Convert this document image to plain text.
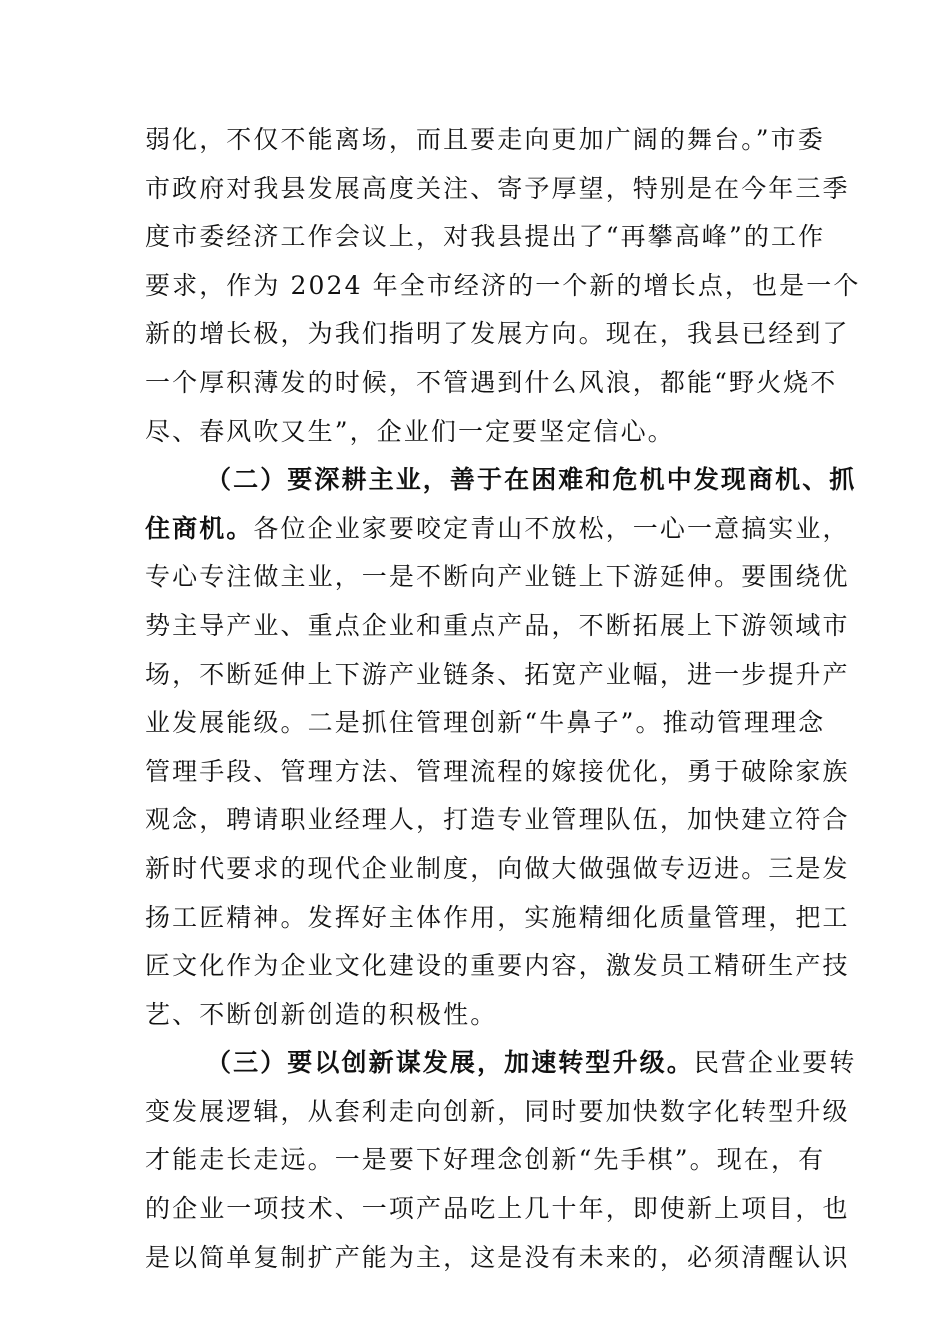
弱化，不仅不能离场，而且要走向更加广阔的舞台。”市委
市政府对我县发展高度关注、寄予厚望，特别是在今年三季
度市委经济工作会议上，对我县提出了“再攀高峰”的工作
要求，作为 2024 年全市经济的一个新的增长点，也是一个
新的增长极，为我们指明了发展方向。现在，我县已经到了
一个厚积薄发的时候，不管遇到什么风浪，都能“野火烧不
尽、春风吹又生”，企业们一定要坚定信心。
（二）要深耕主业，善于在困难和危机中发现商机、抓
住商机。各位企业家要咬定青山不放松，一心一意搞实业，
专心专注做主业，一是不断向产业链上下游延伸。要围绕优
势主导产业、重点企业和重点产品，不断拓展上下游领域市
场，不断延伸上下游产业链条、拓宽产业幅，进一步提升产
业发展能级。二是抓住管理创新“牛鼻子”。推动管理理念
管理手段、管理方法、管理流程的嫁接优化，勇于破除家族
观念，聘请职业经理人，打造专业管理队伍，加快建立符合
新时代要求的现代企业制度，向做大做强做专迈进。三是发
扬工匠精神。发挥好主体作用，实施精细化质量管理，把工
匠文化作为企业文化建设的重要内容，激发员工精研生产技
艺、不断创新创造的积极性。
（三）要以创新谋发展，加速转型升级。民营企业要转
变发展逻辑，从套利走向创新，同时要加快数字化转型升级
才能走长走远。一是要下好理念创新“先手棋”。现在，有
的企业一项技术、一项产品吃上几十年，即使新上项目，也
是以简单复制扩产能为主，这是没有未来的，必须清醒认识
